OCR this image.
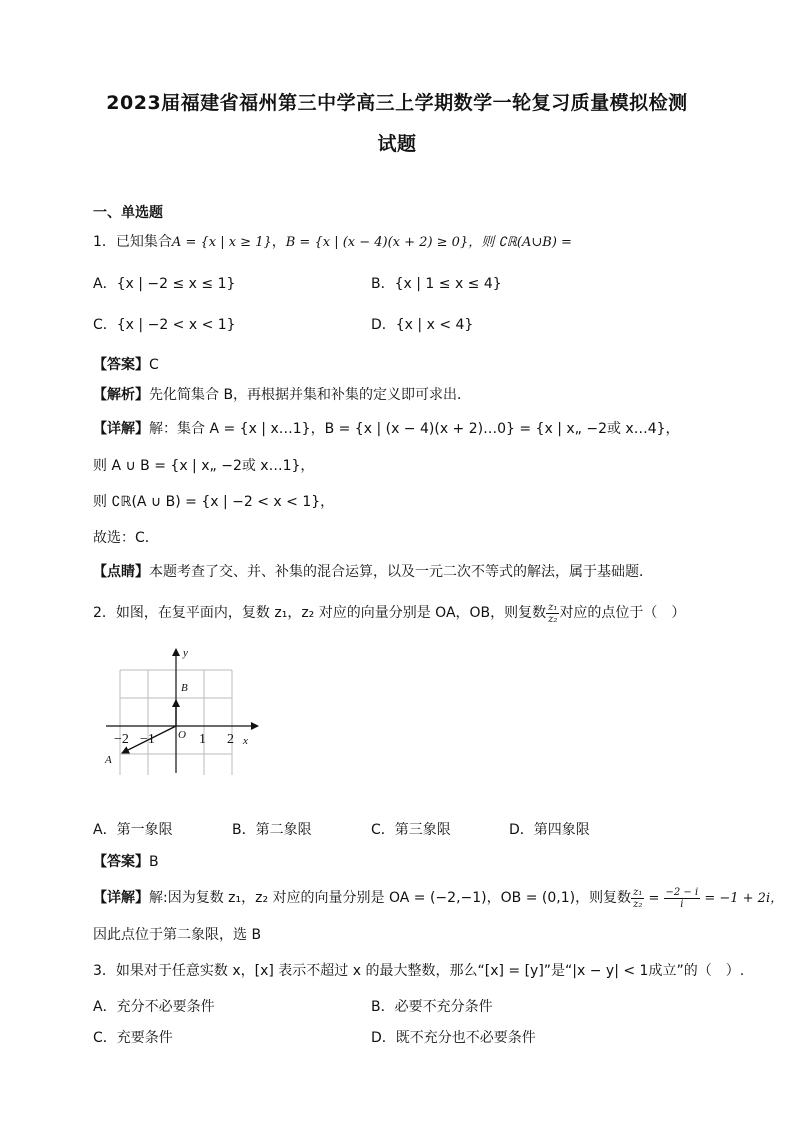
2023届福建省福州第三中学高三上学期数学一轮复习质量模拟检测
试题
一、单选题
1．已知集合A = {x | x ≥ 1}，B = {x | (x − 4)(x + 2) ≥ 0}，则 ∁ℝ(A∪B) =
A．{x | −2 ≤ x ≤ 1}	B．{x | 1 ≤ x ≤ 4}
C．{x | −2 < x < 1}	D．{x | x < 4}
【答案】C
【解析】先化简集合 B，再根据并集和补集的定义即可求出．
【详解】解：集合 A = {x | x…1}，B = {x | (x − 4)(x + 2)…0} = {x | x„ −2或 x…4}，
则 A ∪ B = {x | x„ −2或 x…1}，
则 ∁ℝ(A ∪ B) = {x | −2 < x < 1}，
故选：C．
【点睛】本题考查了交、并、补集的混合运算，以及一元二次不等式的解法，属于基础题．
2．如图，在复平面内，复数 z₁，z₂ 对应的向量分别是 OA，OB，则复数 $\frac{\text{z₁}}{\text{z₂}}$ 对应的点位于（　）
y
x
O
B
A
−2 −1	1 2
A．第一象限	B．第二象限	C．第三象限	D．第四象限
【答案】B
【详解】解:因为复数 z₁，z₂ 对应的向量分别是 OA = (−2,−1)，OB = (0,1)，则复数 $\frac{\text{z₁}}{\text{z₂}} = \frac{-2 - i}{i} = -1 + 2i$，
因此点位于第二象限，选 B
3．如果对于任意实数 x，[x] 表示不超过 x 的最大整数，那么“[x] = [y]”是“|x − y| < 1成立”的（　）.
A．充分不必要条件	B．必要不充分条件
C．充要条件	D．既不充分也不必要条件
